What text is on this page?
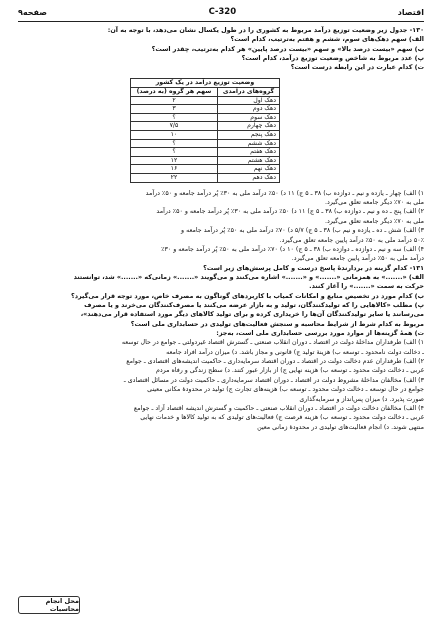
اقتصاد
320-C
صفحه۹

۱۳۰- جدول زیر وضعیت توزیع درآمد مربوط به کشوری را در طول یکسال نشان می‌دهد، با توجه به آن:

الف) سهم دهک‌های سوم، ششم و هفتم به‌ترتیب، کدام است؟

ب) سهم «بیست درصد بالا» و سهم «بیست درصد پایین» هر کدام به‌ترتیب، چقدر است؟

پ) عدد مربوط به شاخص وضعیت توزیع درآمد، کدام است؟

ت) کدام عبارت در این رابطه درست است؟

وضعیت توزیع درآمد در یک کشور	
گروه‌های درآمدی	سهم هر گروه (به درصد)
دهک اول	۲
دهک دوم	۳
دهک سوم	؟
دهک چهارم	۷/۵
دهک پنجم	۱۰
دهک ششم	؟
دهک هفتم	؟
دهک هشتم	۱۲
دهک نهم	۱۶
دهک دهم	۲۲

۱) الف) چهار ـ یازده و نیم ـ دوازده ب) ۳۸ ـ ۵ ج) ۱۱ د) ۵۰٪ درآمد ملی به ۳۰٪ پُر درآمد جامعه و ۵۰٪ درآمد

ملی به ۷۰٪ دیگر جامعه تعلق می‌گیرد.

۲) الف) پنج ـ ده و نیم ـ دوازده ب) ۳۸ ـ ۵ ج) ۱۱ د) ۵۰٪ درآمد ملی به ۳۰٪ پُر درآمد جامعه و ۵۰٪ درآمد

ملی به ۷۰٪ دیگر جامعه تعلق می‌گیرد.

۳) الف) شش ـ ده ـ یازده و نیم ب) ۳۸ ـ ۵ ج) ۵/۷ د) ۷۰٪ درآمد ملی به ۵۰٪ پُر درآمد جامعه و

۵۰٪ درآمد ملی به ۵۰٪ درآمد پایین جامعه تعلق می‌گیرد.

۴) الف) سه و نیم ـ دوازده ـ دوازده ب) ۳۸ ـ ۵ ج) ۱۰ د) ۷۰٪ درآمد ملی به ۵۰٪ پُر درآمد جامعه و ۳۰٪

درآمد ملی به ۵۰٪ درآمد پایین جامعه تعلق می‌گیرد.

۱۳۱- کدام گزینه در بردارندهٔ پاسخ درست و کامل پرسش‌های زیر است؟

الف) «.......» به همزمانی «.......» و «.......» اشاره می‌کنند و می‌گویند «.......» زمانی‌که «.......» شد، توانستند

حرکت به سمت «.......» را آغاز کنند.

ب) کدام مورد در تخصیص منابع و امکانات کمیاب با کاربردهای گوناگون به مصرف خاص، مورد توجه قرار می‌گیرد؟

پ) مطلب «کالاهایی را که تولیدکنندگان، تولید و به بازار عرضه می‌کنند یا مصرف‌کنندگان می‌خرند و یا مصرف

می‌رسانند یا سایر تولیدکنندگان آن‌ها را خریداری کرده و برای تولید کالاهای دیگر مورد استفاده قرار می‌دهند»،

مربوط به کدام شرط از شرایط محاسبه و سنجش فعالیت‌های تولیدی در حسابداری ملی است؟

ت) همهٔ گزینه‌ها از موارد مورد بررسی حسابداری ملی است، به‌جز:

۱) الف) طرفداران مداخلهٔ دولت در اقتصاد ـ دوران انقلاب صنعتی ـ گسترش اقتصاد غیردولتی ـ جوامع در حال توسعه

ـ دخالت دولت نامحدود ـ توسعه ب) هزینهٔ تولید ج) قانونی و مجاز باشد. د) میزان درآمد افراد جامعه

۲) الف) طرفداران عدم دخالت دولت در اقتصاد ـ دوران اقتصاد سرمایه‌داری ـ حاکمیت اندیشه‌های اقتصادی ـ جوامع

غربی ـ دخالت دولت محدود ـ توسعه ب) هزینه نهایی ج) از بازار عبور کنند. د) سطح زندگی و رفاه مردم

۳) الف) مخالفان مداخلهٔ مشروط دولت در اقتصاد ـ دوران اقتصاد سرمایه‌داری ـ حاکمیت دولت در مسائل اقتصادی ـ

جوامع در حال توسعه ـ دخالت دولت محدود ـ توسعه ب) هزینه‌های تجارت ج) تولید در محدودهٔ مکانی معینی

صورت پذیرد. د) میزان پس‌انداز و سرمایه‌گذاری

۴) الف) مخالفان دخالت دولت در اقتصاد ـ دوران انقلاب صنعتی ـ حاکمیت و گسترش اندیشه اقتصاد آزاد ـ جوامع

غربی ـ دخالت دولت محدود ـ توسعه ب) هزینه فرصت ج) فعالیت‌های تولیدی که به تولید کالاها و خدمات نهایی

منتهی شوند. د) انجام فعالیت‌های تولیدی در محدودهٔ زمانی معین

محل انجام محاسبات
